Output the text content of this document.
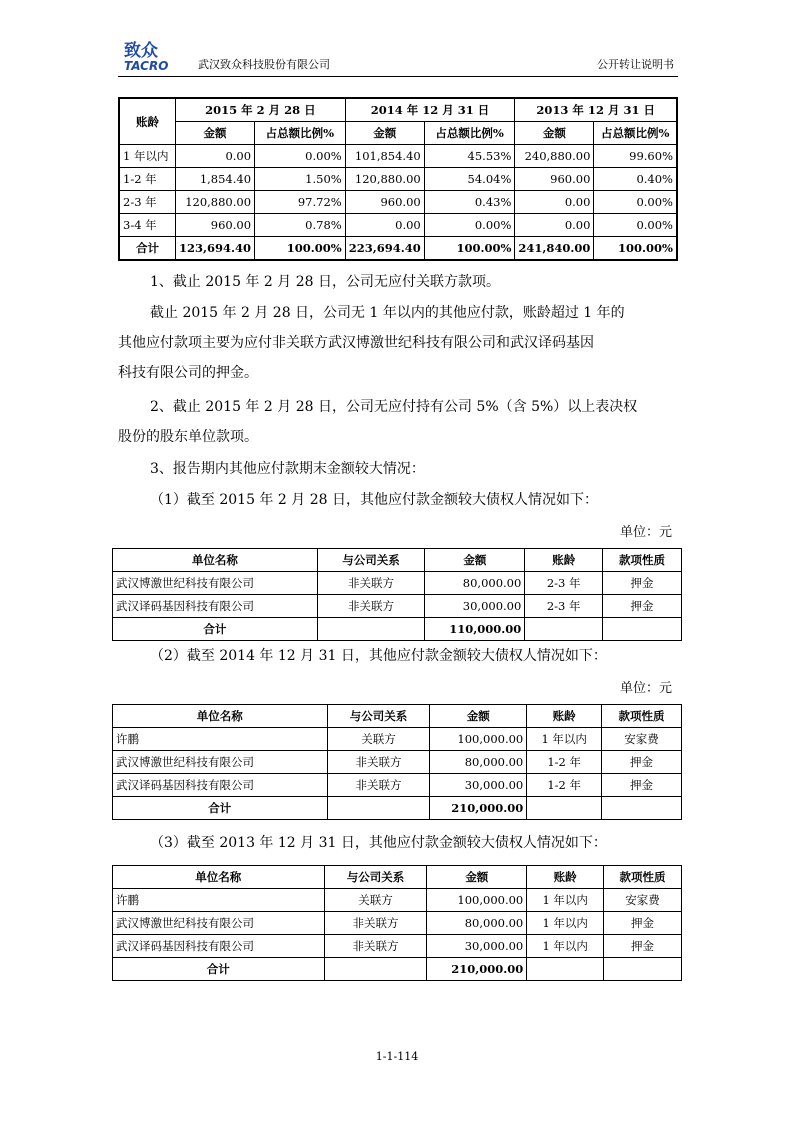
致众
TACRO	武汉致众科技股份有限公司	公开转让说明书
账龄	2015 年 2 月 28 日		2014 年 12 月 31 日		2013 年 12 月 31 日	
	金额	占总额比例%	金额	占总额比例%	金额	占总额比例%
1 年以内	0.00	0.00%	101,854.40	45.53%	240,880.00	99.60%
1-2 年	1,854.40	1.50%	120,880.00	54.04%	960.00	0.40%
2-3 年	120,880.00	97.72%	960.00	0.43%	0.00	0.00%
3-4 年	960.00	0.78%	0.00	0.00%	0.00	0.00%
合计	123,694.40	100.00%	223,694.40	100.00%	241,840.00	100.00%
1、截止 2015 年 2 月 28 日，公司无应付关联方款项。
截止 2015 年 2 月 28 日，公司无 1 年以内的其他应付款，账龄超过 1 年的
其他应付款项主要为应付非关联方武汉博激世纪科技有限公司和武汉译码基因
科技有限公司的押金。
2、截止 2015 年 2 月 28 日，公司无应付持有公司 5%（含 5%）以上表决权
股份的股东单位款项。
3、报告期内其他应付款期末金额较大情况：
（1）截至 2015 年 2 月 28 日，其他应付款金额较大债权人情况如下：
单位：元
单位名称	与公司关系	金额	账龄	款项性质
武汉博激世纪科技有限公司	非关联方	80,000.00	2-3 年	押金
武汉译码基因科技有限公司	非关联方	30,000.00	2-3 年	押金
合计		110,000.00		
（2）截至 2014 年 12 月 31 日，其他应付款金额较大债权人情况如下：
单位：元
单位名称	与公司关系	金额	账龄	款项性质
许鹏	关联方	100,000.00	1 年以内	安家费
武汉博激世纪科技有限公司	非关联方	80,000.00	1-2 年	押金
武汉译码基因科技有限公司	非关联方	30,000.00	1-2 年	押金
合计		210,000.00		
（3）截至 2013 年 12 月 31 日，其他应付款金额较大债权人情况如下：
单位名称	与公司关系	金额	账龄	款项性质
许鹏	关联方	100,000.00	1 年以内	安家费
武汉博激世纪科技有限公司	非关联方	80,000.00	1 年以内	押金
武汉译码基因科技有限公司	非关联方	30,000.00	1 年以内	押金
合计		210,000.00		
1-1-114
